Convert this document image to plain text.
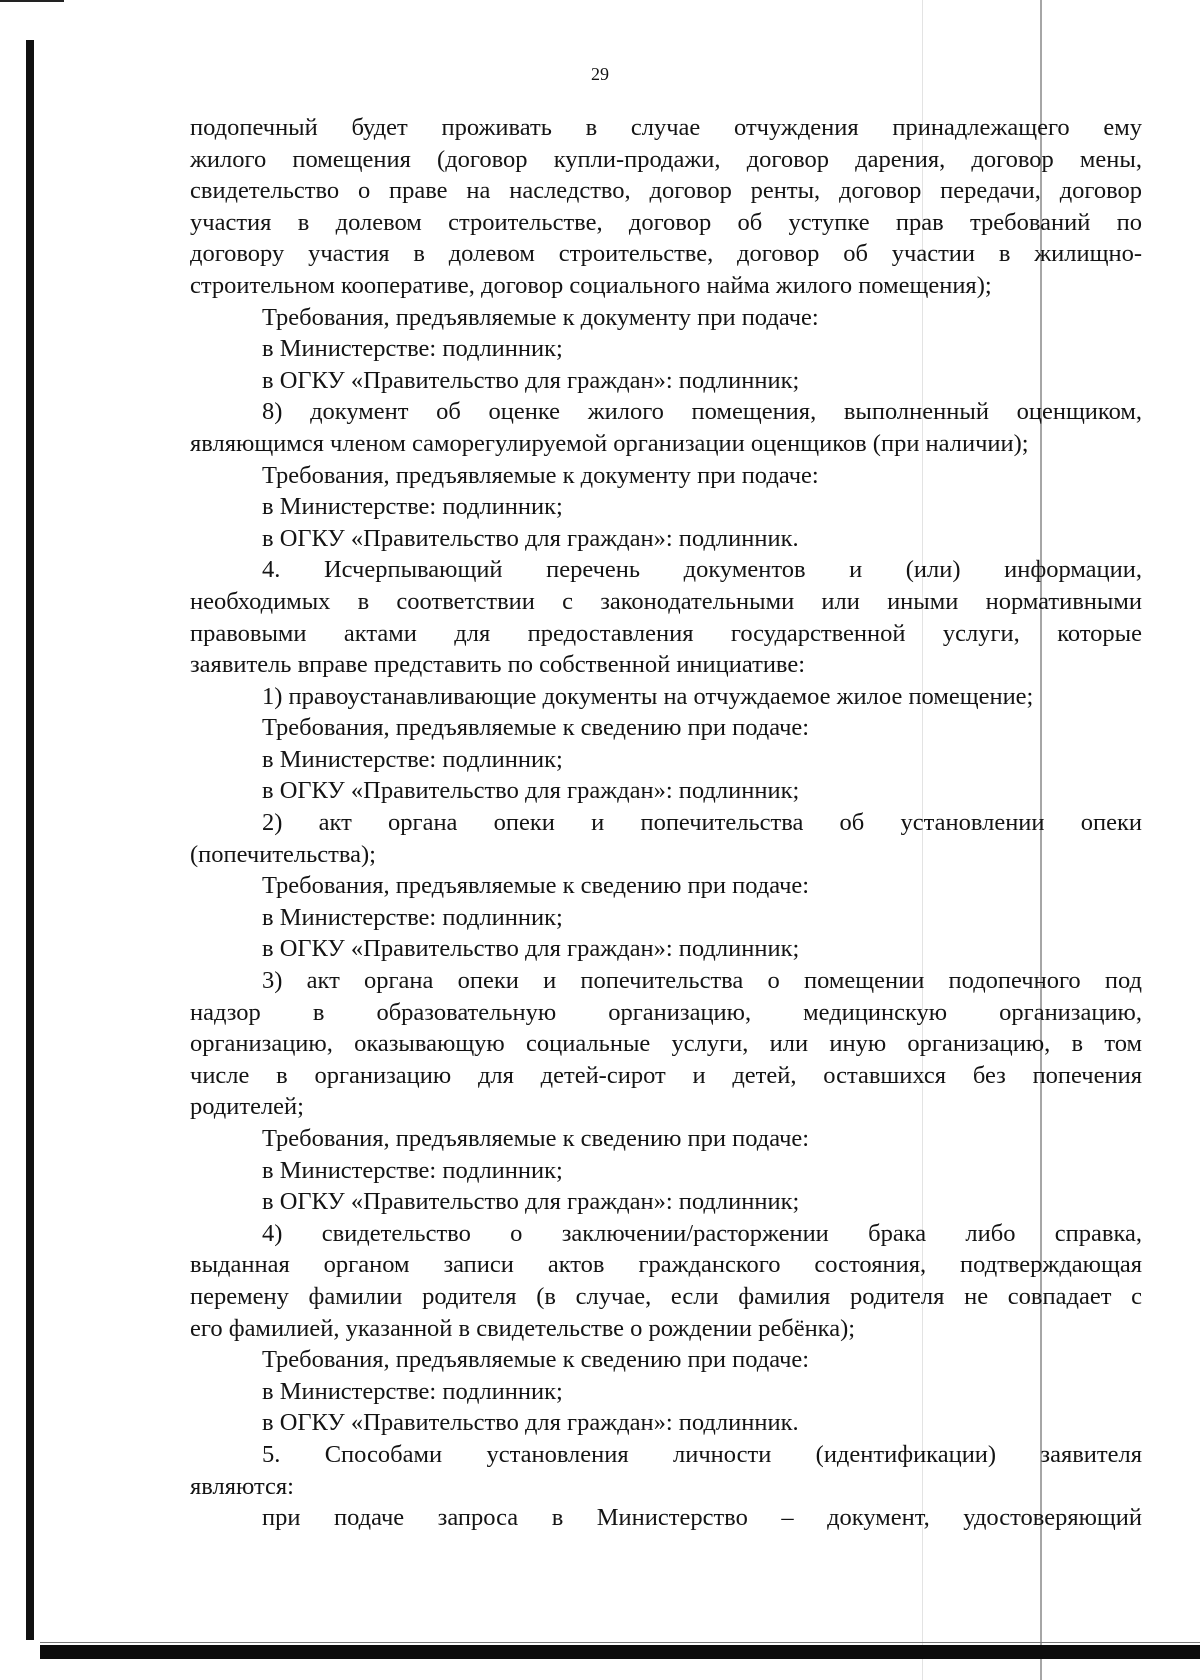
29
подопечный будет проживать в случае отчуждения принадлежащего ему
жилого помещения (договор купли-продажи, договор дарения, договор мены,
свидетельство о праве на наследство, договор ренты, договор передачи, договор
участия в долевом строительстве, договор об уступке прав требований по
договору участия в долевом строительстве, договор об участии в жилищно-
строительном кооперативе, договор социального найма жилого помещения);
Требования, предъявляемые к документу при подаче:
в Министерстве: подлинник;
в ОГКУ «Правительство для граждан»: подлинник;
8) документ об оценке жилого помещения, выполненный оценщиком,
являющимся членом саморегулируемой организации оценщиков (при наличии);
Требования, предъявляемые к документу при подаче:
в Министерстве: подлинник;
в ОГКУ «Правительство для граждан»: подлинник.
4. Исчерпывающий перечень документов и (или) информации,
необходимых в соответствии с законодательными или иными нормативными
правовыми актами для предоставления государственной услуги, которые
заявитель вправе представить по собственной инициативе:
1) правоустанавливающие документы на отчуждаемое жилое помещение;
Требования, предъявляемые к сведению при подаче:
в Министерстве: подлинник;
в ОГКУ «Правительство для граждан»: подлинник;
2) акт органа опеки и попечительства об установлении опеки
(попечительства);
Требования, предъявляемые к сведению при подаче:
в Министерстве: подлинник;
в ОГКУ «Правительство для граждан»: подлинник;
3) акт органа опеки и попечительства о помещении подопечного под
надзор в образовательную организацию, медицинскую организацию,
организацию, оказывающую социальные услуги, или иную организацию, в том
числе в организацию для детей-сирот и детей, оставшихся без попечения
родителей;
Требования, предъявляемые к сведению при подаче:
в Министерстве: подлинник;
в ОГКУ «Правительство для граждан»: подлинник;
4) свидетельство о заключении/расторжении брака либо справка,
выданная органом записи актов гражданского состояния, подтверждающая
перемену фамилии родителя (в случае, если фамилия родителя не совпадает с
его фамилией, указанной в свидетельстве о рождении ребёнка);
Требования, предъявляемые к сведению при подаче:
в Министерстве: подлинник;
в ОГКУ «Правительство для граждан»: подлинник.
5. Способами установления личности (идентификации) заявителя
являются:
при подаче запроса в Министерство – документ, удостоверяющий
